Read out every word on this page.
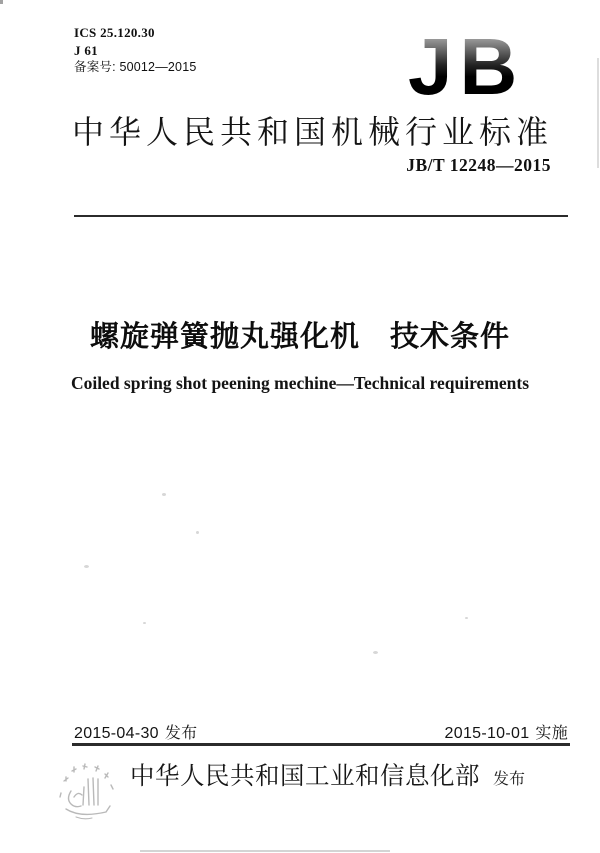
ICS 25.120.30
J 61
备案号: 50012—2015	JB
中华人民共和国机械行业标准
JB/T 12248—2015
螺旋弹簧抛丸强化机　技术条件
Coiled spring shot peening mechine—Technical requirements
2015-04-30 发布	2015-10-01 实施
中华人民共和国工业和信息化部 发布
